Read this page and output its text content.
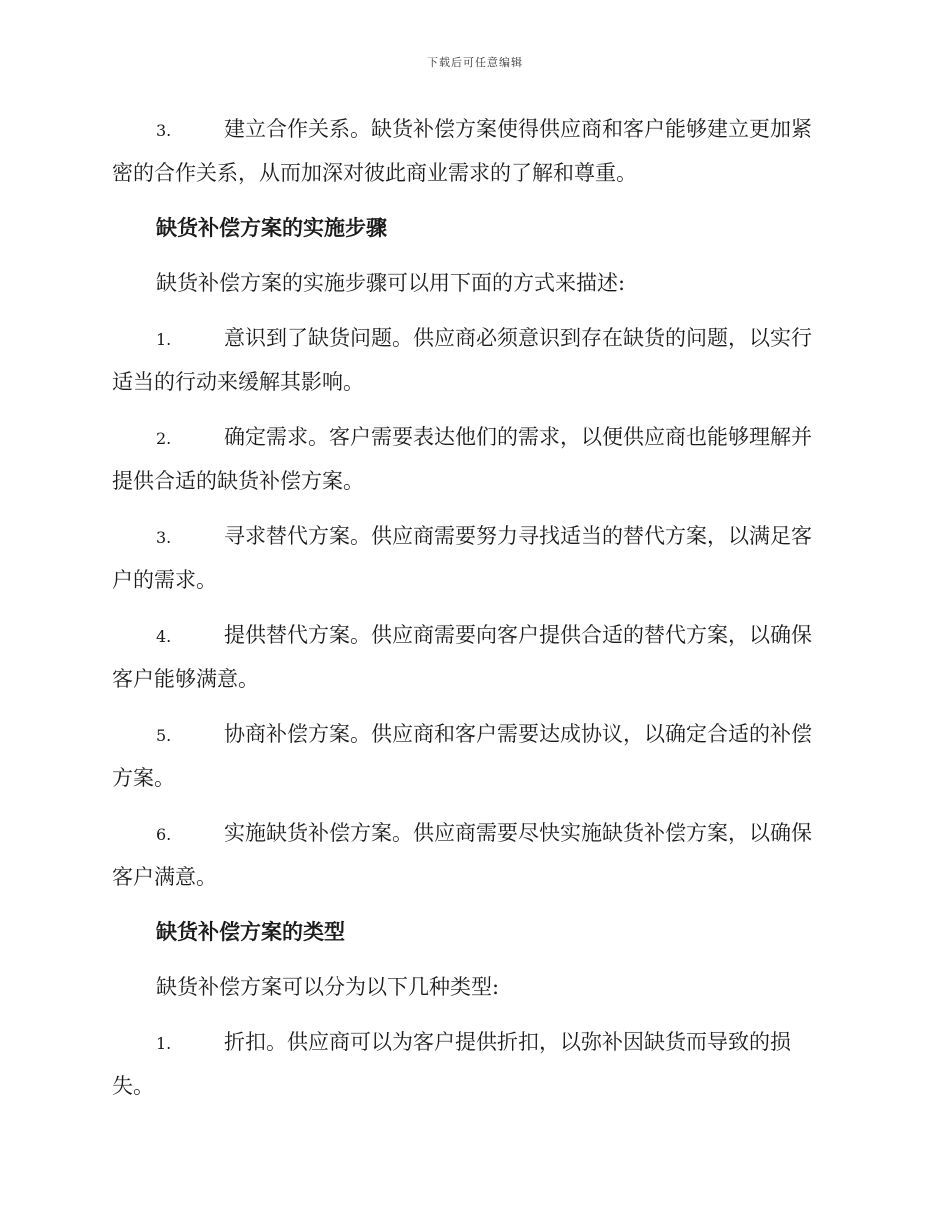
下载后可任意编辑

3.	建立合作关系。缺货补偿方案使得供应商和客户能够建立更加紧密的合作关系，从而加深对彼此商业需求的了解和尊重。

缺货补偿方案的实施步骤

缺货补偿方案的实施步骤可以用下面的方式来描述:

1.	意识到了缺货问题。供应商必须意识到存在缺货的问题，以实行适当的行动来缓解其影响。

2.	确定需求。客户需要表达他们的需求，以便供应商也能够理解并提供合适的缺货补偿方案。

3.	寻求替代方案。供应商需要努力寻找适当的替代方案，以满足客户的需求。

4.	提供替代方案。供应商需要向客户提供合适的替代方案，以确保客户能够满意。

5.	协商补偿方案。供应商和客户需要达成协议，以确定合适的补偿方案。

6.	实施缺货补偿方案。供应商需要尽快实施缺货补偿方案，以确保客户满意。

缺货补偿方案的类型

缺货补偿方案可以分为以下几种类型:

1.	折扣。供应商可以为客户提供折扣，以弥补因缺货而导致的损失。
